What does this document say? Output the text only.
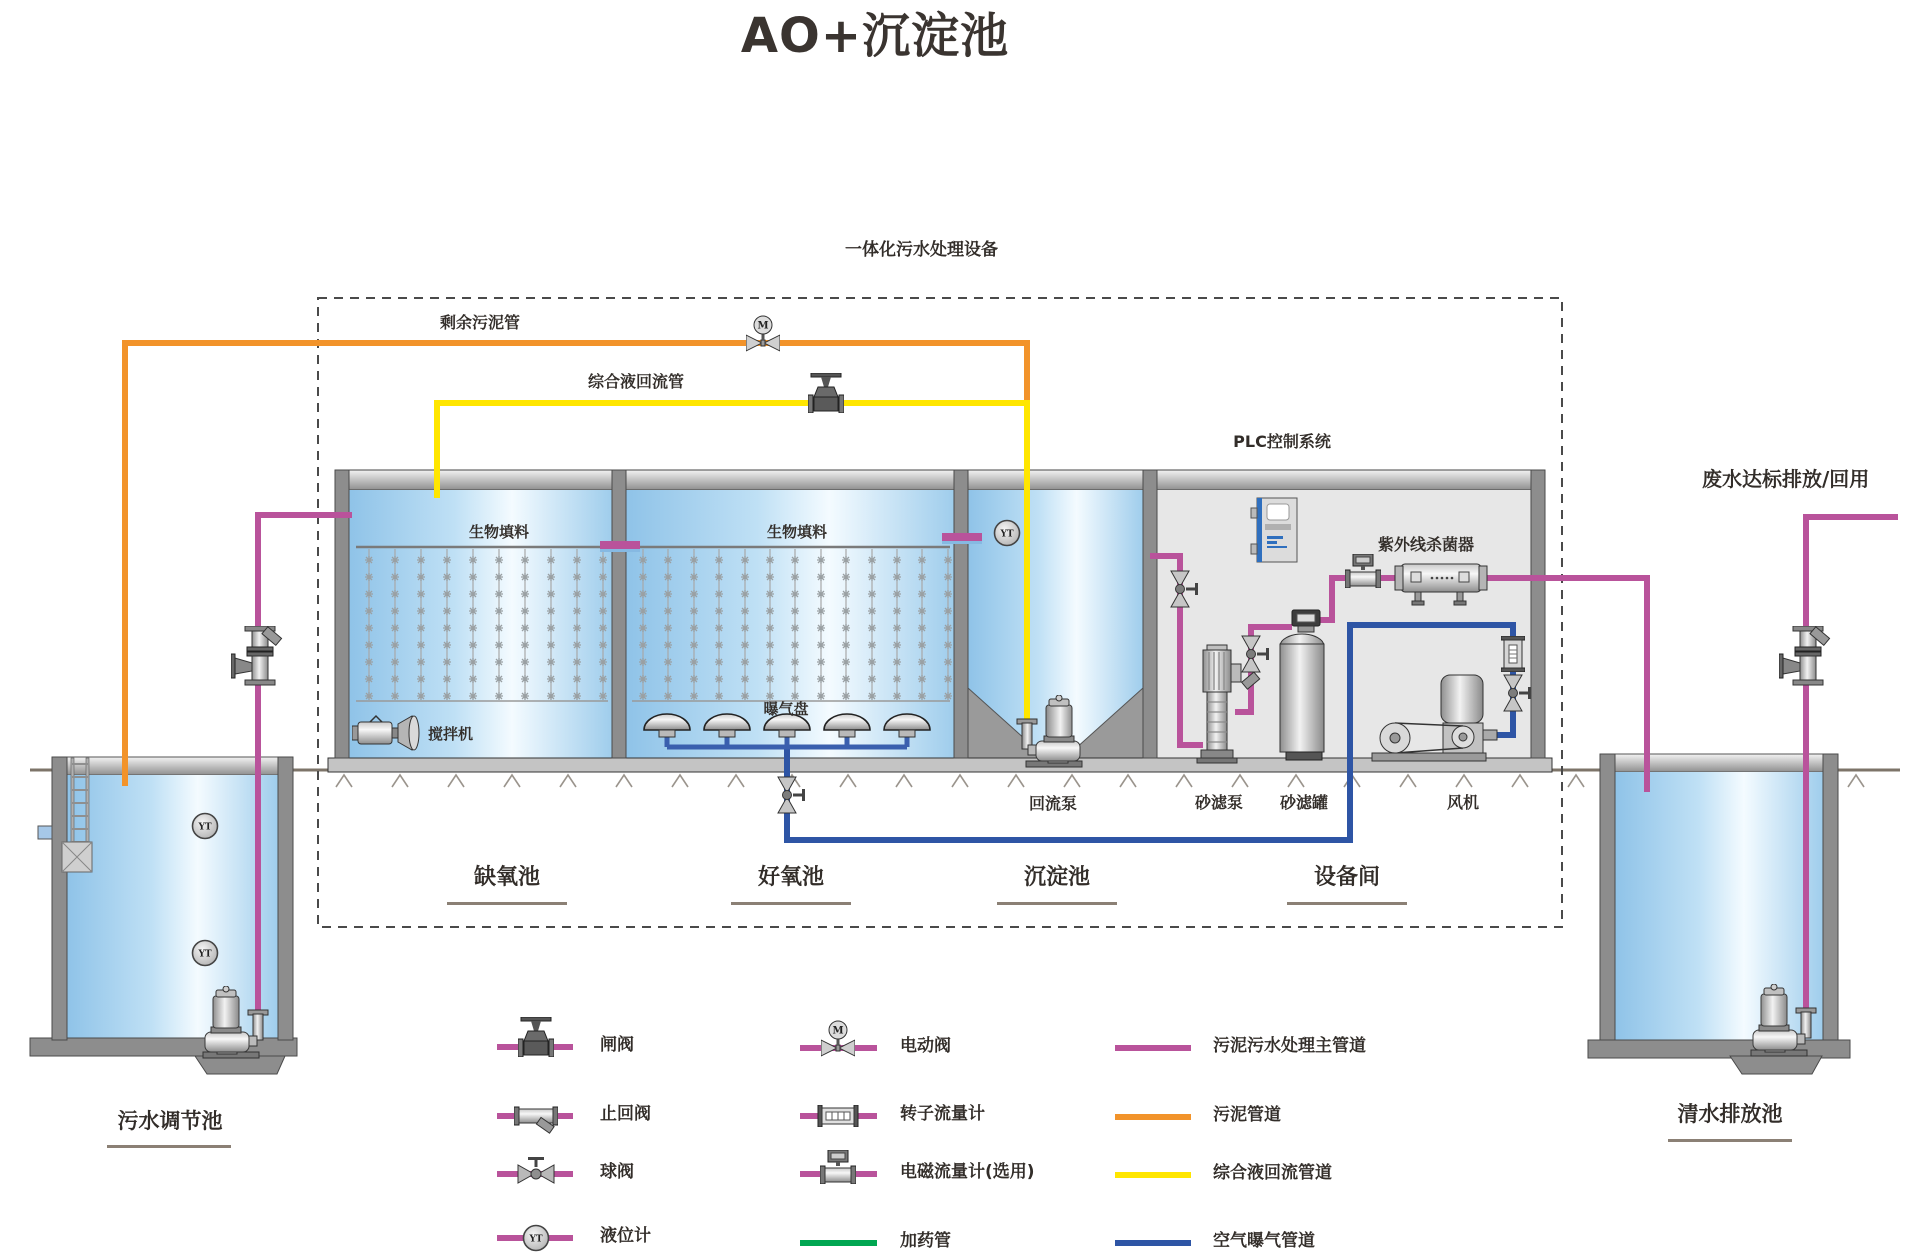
AO+沉淀池
一体化污水处理设备
剩余污泥管
综合液回流管
PLC控制系统
紫外线杀菌器
生物填料	生物填料
搅拌机
曝气盘
回流泵	砂滤泵 砂滤罐	风机
废水达标排放/回用
缺氧池	好氧池	沉淀池	设备间
污水调节池	清水排放池
闸阀
止回阀
球阀
液位计
电动阀
转子流量计
电磁流量计(选用)
加药管
污泥污水处理主管道
污泥管道
综合液回流管道
空气曝气管道
